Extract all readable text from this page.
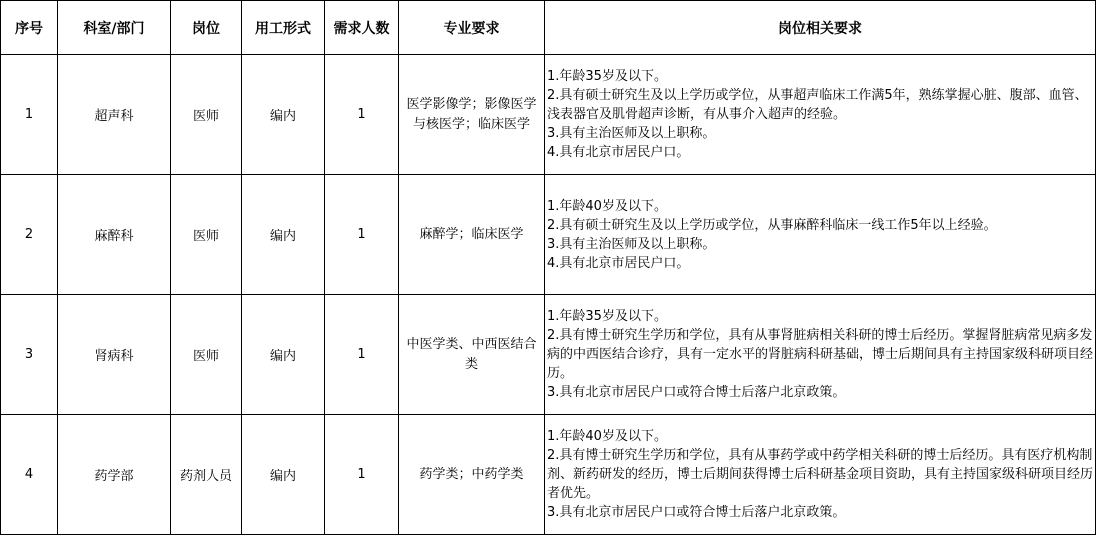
序号	科室/部门	岗位	用工形式	需求人数	专业要求	岗位相关要求
1	超声科	医师	编内	1	医学影像学；影像医学与核医学；临床医学	1.年龄35岁及以下。
2.具有硕士研究生及以上学历或学位，从事超声临床工作满5年，熟练掌握心脏、腹部、血管、浅表器官及肌骨超声诊断，有从事介入超声的经验。
3.具有主治医师及以上职称。
4.具有北京市居民户口。

2	麻醉科	医师	编内	1	麻醉学；临床医学	1.年龄40岁及以下。
2.具有硕士研究生及以上学历或学位，从事麻醉科临床一线工作5年以上经验。
3.具有主治医师及以上职称。
4.具有北京市居民户口。

3	肾病科	医师	编内	1	中医学类、中西医结合类	1.年龄35岁及以下。
2.具有博士研究生学历和学位，具有从事肾脏病相关科研的博士后经历。掌握肾脏病常见病多发病的中西医结合诊疗，具有一定水平的肾脏病科研基础，博士后期间具有主持国家级科研项目经历。
3.具有北京市居民户口或符合博士后落户北京政策。

4	药学部	药剂人员	编内	1	药学类；中药学类	1.年龄40岁及以下。
2.具有博士研究生学历和学位，具有从事药学或中药学相关科研的博士后经历。具有医疗机构制剂、新药研发的经历，博士后期间获得博士后科研基金项目资助，具有主持国家级科研项目经历者优先。
3.具有北京市居民户口或符合博士后落户北京政策。
